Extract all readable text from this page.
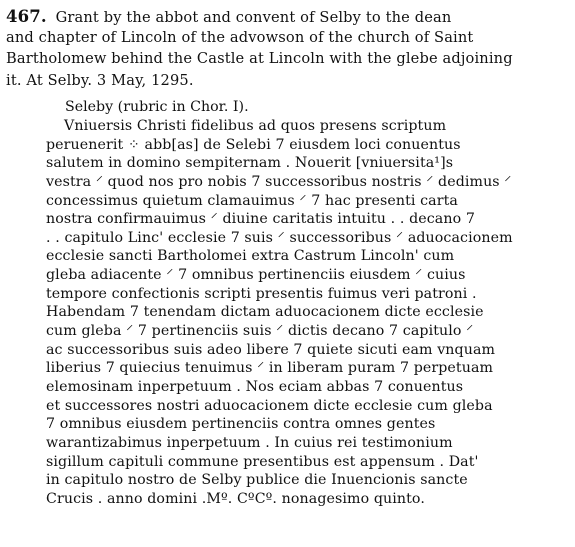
467. Grant by the abbot and convent of Selby to the dean
and chapter of Lincoln of the advowson of the church of Saint
Bartholomew behind the Castle at Lincoln with the glebe adjoining
it. At Selby. 3 May, 1295.
Seleby (rubric in Chor. I).
Vniuersis Christi fidelibus ad quos presens scriptum
peruenerit ⁘ abb[as] de Selebi 7 eiusdem loci conuentus
salutem in domino sempiternam . Nouerit [vniuersita¹]s
vestra ⸍ quod nos pro nobis 7 successoribus nostris ⸍ dedimus ⸍
concessimus quietum clamauimus ⸍ 7 hac presenti carta
nostra confirmauimus ⸍ diuine caritatis intuitu . . decano 7
. . capitulo Linc' ecclesie 7 suis ⸍ successoribus ⸍ aduocacionem
ecclesie sancti Bartholomei extra Castrum Lincoln' cum
gleba adiacente ⸍ 7 omnibus pertinenciis eiusdem ⸍ cuius
tempore confectionis scripti presentis fuimus veri patroni .
Habendam 7 tenendam dictam aduocacionem dicte ecclesie
cum gleba ⸍ 7 pertinenciis suis ⸍ dictis decano 7 capitulo ⸍
ac successoribus suis adeo libere 7 quiete sicuti eam vnquam
liberius 7 quiecius tenuimus ⸍ in liberam puram 7 perpetuam
elemosinam inperpetuum . Nos eciam abbas 7 conuentus
et successores nostri aduocacionem dicte ecclesie cum gleba
7 omnibus eiusdem pertinenciis contra omnes gentes
warantizabimus inperpetuum . In cuius rei testimonium
sigillum capituli commune presentibus est appensum . Dat'
in capitulo nostro de Selby publice die Inuencionis sancte
Crucis . anno domini .Mº. CºCº. nonagesimo quinto.
